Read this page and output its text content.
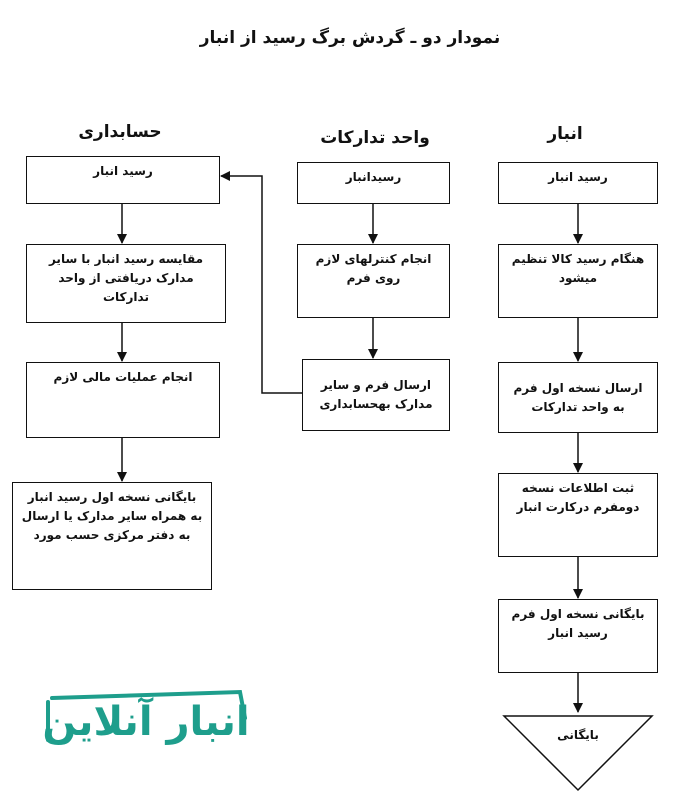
نمودار دو ـ گردش برگ رسید از انبار
حسابداری	واحد تدارکات	انبار
رسید انبار
هنگام رسید کالا تنظیم میشود
ارسال نسخه اول فرم به واحد تدارکات
ثبت اطلاعات نسخه دومفرم درکارت انبار
بایگانی نسخه اول فرم رسید انبار
بایگانی
رسیدانبار
انجام کنترلهای لازم روی فرم
ارسال فرم و سایر مدارک بهحسابداری
رسید انبار
مقایسه رسید انبار با سایر مدارک دریافتی از واحد تدارکات
انجام عملیات مالی لازم
بایگانی نسخه اول رسید انبار به همراه سایر مدارک یا ارسال به دفتر مرکزی حسب مورد
انبار آنلاین
